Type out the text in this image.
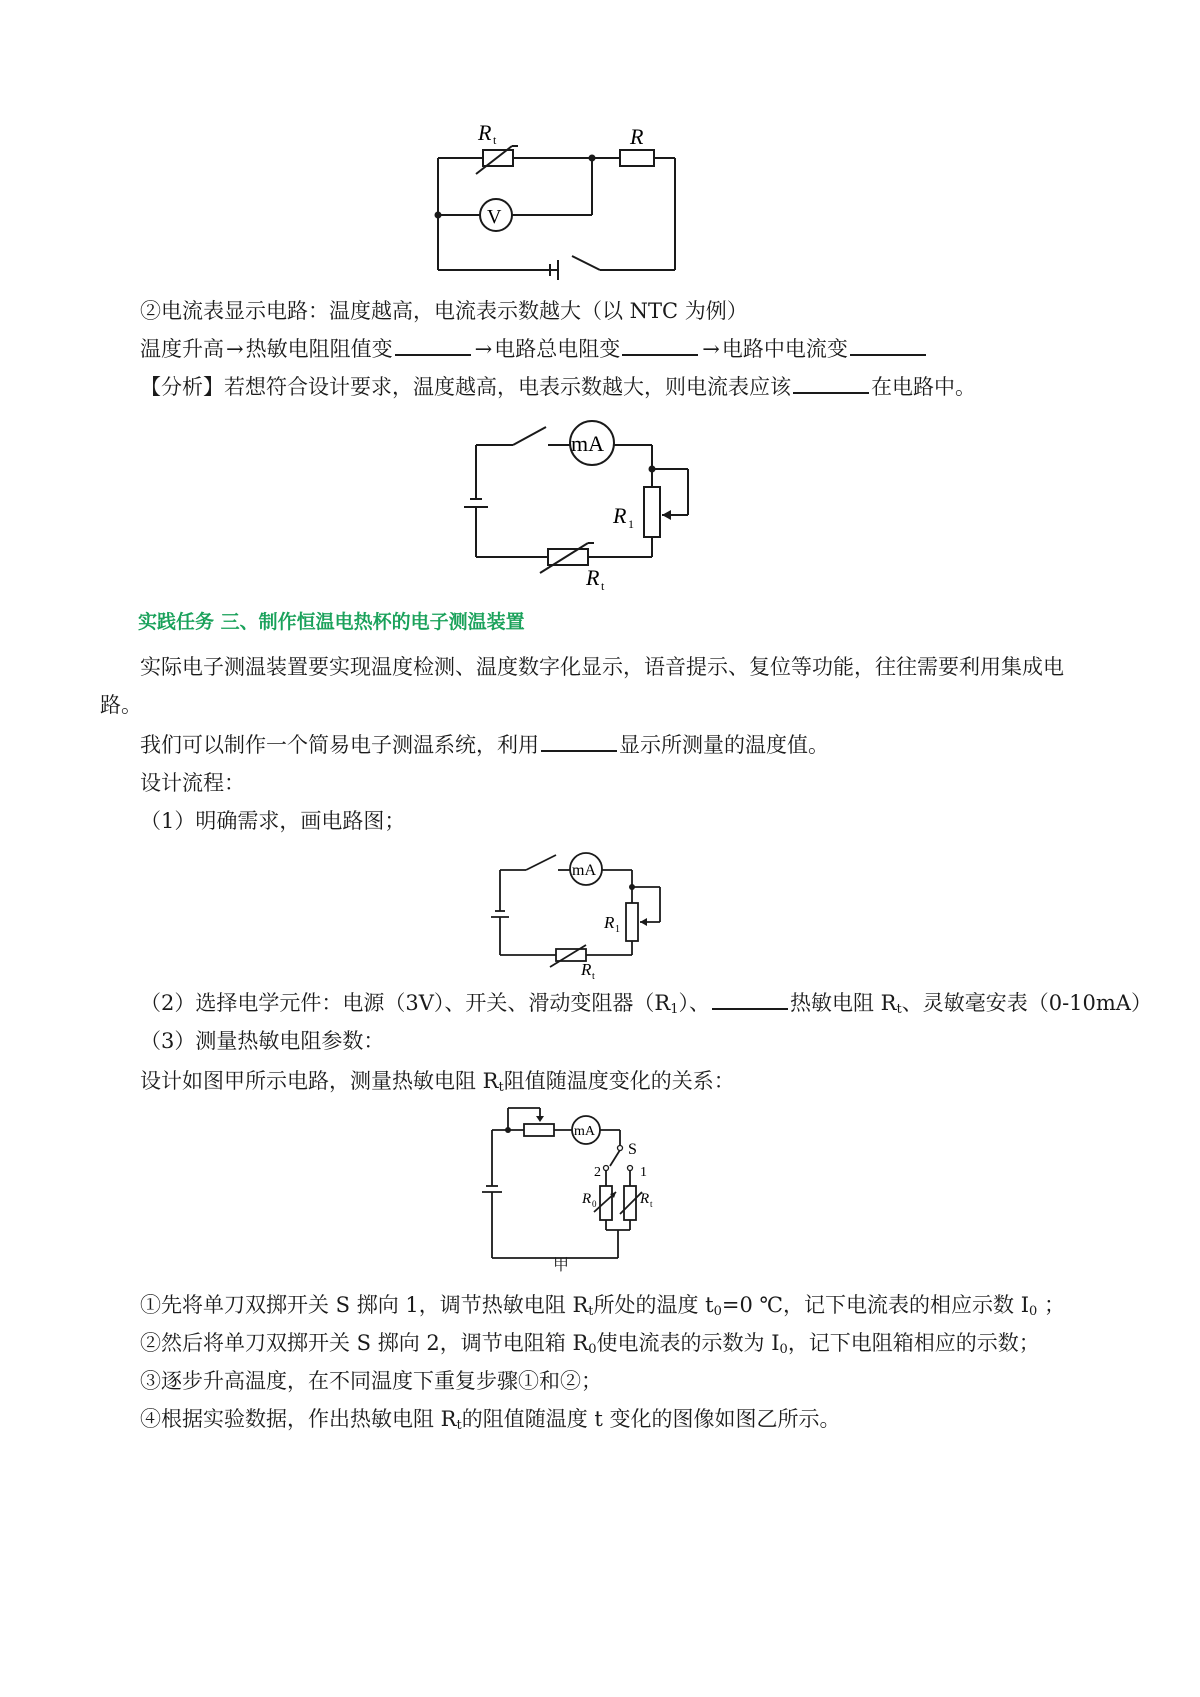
R t	R
V
②电流表显示电路：温度越高，电流表示数越大（以 NTC 为例）
温度升高→热敏电阻阻值变	→电路总电阻变	→电路中电流变
【分析】若想符合设计要求，温度越高，电表示数越大，则电流表应该	在电路中。
mA
R 1
R t
实践任务 三、制作恒温电热杯的电子测温装置
实际电子测温装置要实现温度检测、温度数字化显示，语音提示、复位等功能，往往需要利用集成电
路。
我们可以制作一个简易电子测温系统，利用	显示所测量的温度值。
设计流程：
（1）明确需求，画电路图；
mA
R 1
R t
（2）选择电学元件：电源（3V）、开关、滑动变阻器$(R_1)$、	热敏电阻 $R_t$、灵敏毫安表（0-10mA）
（3）测量热敏电阻参数：
设计如图甲所示电路，测量热敏电阻 $R_t$阻值随温度变化的关系：
mA
S
2	1
R 0	R t
甲
①先将单刀双掷开关 S 掷向 1，调节热敏电阻 $R_t$所处的温度 $t_0=0$ ℃，记下电流表的相应示数 $I_0$ ；
②然后将单刀双掷开关 S 掷向 2，调节电阻箱 $R_0$使电流表的示数为 $I_0$，记下电阻箱相应的示数；
③逐步升高温度，在不同温度下重复步骤①和②；
④根据实验数据，作出热敏电阻 $R_t$的阻值随温度 t 变化的图像如图乙所示。
